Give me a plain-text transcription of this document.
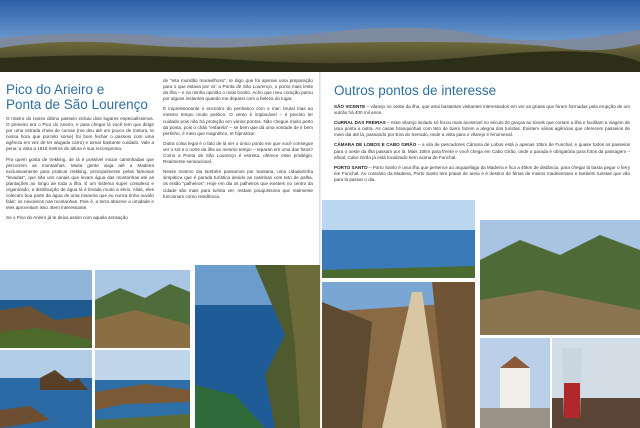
Pico do Arieiro e
Ponta de São Lourenço

O roteiro do nosso último passeio incluiu dois lugares especialíssimos. O primeiro era o Pico do Arieiro, e para chegar lá você tem que dirigir por uma estrada cheia de curvas (me deu até um pouco de tontura, te nossa hora que porcelo some) foi bom fechar o passeio com uma agência em vez de ter alugado carro) e tomar bastante cuidado. Vale a pena: a vista a 1818 metros de altura é sua recompensa.

Pra quem gosta de trekking, de lá é possível iniciar caminhadas que percorrem as montanhas. Muita gente viaja até a Madeira exclusivamente para praticar trekking, principalmente pelas famosas "levadas", que são uns canais que levam água das montanhas até as plantações ao longo de toda a ilha. É um sistema super complexo e organizado, a distribuição de água lá é levada muito a sério. Aliás, eles colecam boa parte da água de uma maneira que eu nunca tinha ouvido falar: os nevoeiros nas montanhas. Pois é, a terra absorve a umidade e eles aproveitam isso. Bem interessante.

Se o Pico do Arieiro já te deixa assim com aquela sensação

de "eita mundão maravilhoso", te digo que foi apenas uma preparação para o que estava por vir: a Ponta de São Lourenço, o ponto mais leste da ilha – e na minha opinião o mais bonito. Acho que meu coração parou por alguns instantes quando me deparei com a beleza do lugar.

É impressionante o encontro do penhasco com o mar: brutal mas ao mesmo tempo muito poético. O vento é implacável – é preciso ter cuidado pois não há proteção em vários pontos. Não chegue muito perto da ponta, pois o chão "esfarela" – se bem que dá uma vontade de ir bem pertinho, é meio que magnético, te hipnotiza!

Outra coisa legal é o fato de lá ser o único ponto em que você consegue ver o sol e o norte da ilha ao mesmo tempo – reparan em uma das fotos? Como a Ponta de São Lourenço é estreita, oferece esse privilégio. Realmente sensacional.

Nesse mesmo dia também passamos por Santana, uma cidadezinha simpática que é parada turística devido as casinhas com teto de palha, os então "palheiros". Hoje em dia os palheiros que existem no centro da cidade são mais para turista ver, restam pouquíssima que realmente funcionam como residência.

Outros pontos de interesse

SÃO VICENTE – vilarejo no oeste da ilha, que atrai bastantes visitantes interessados em ver as grutas que foram formadas pela erupção de um vulcão há 400 mil anos.

CURRAL DAS FREIRAS – esse vilarejo isolado só fecou mais acessível no século 20 graças ao túnels que cortam a ilha e facilitam a viagem de uma ponta a outra. As casas branquinhas com teto de barro fazem a alegria dos turistas. Existem várias agências que oferecem passeios de meio dia até lá, passando por Eira do Serrado, onde a vista para o vilarejo é fenomenal.

CÂMARA DE LOBOS E CABO GIRÃO – a vila de pescadores Câmara de Lobos está a apenas 10km de Funchal, e quase todos os passeios para o oeste da ilha passam por lá. Mais 10km para frente e você chega em Cabo Girão, onde a parada é obrigatória para fotos da passagem – afinal, Cabo Girão já está localizado bem acima de Funchal.

PORTO SANTO – Porto Santo é uma ilha que pertence ao arquipélago da Madeira e fica a 40km de distância, para chegar lá basta pegar o ferry em Funchal. Ao contrário da Madeira, Porto Santo tem praias de areia e é destino de férias de muitos madeirenses e também turistas que vão para lá passar o dia.
